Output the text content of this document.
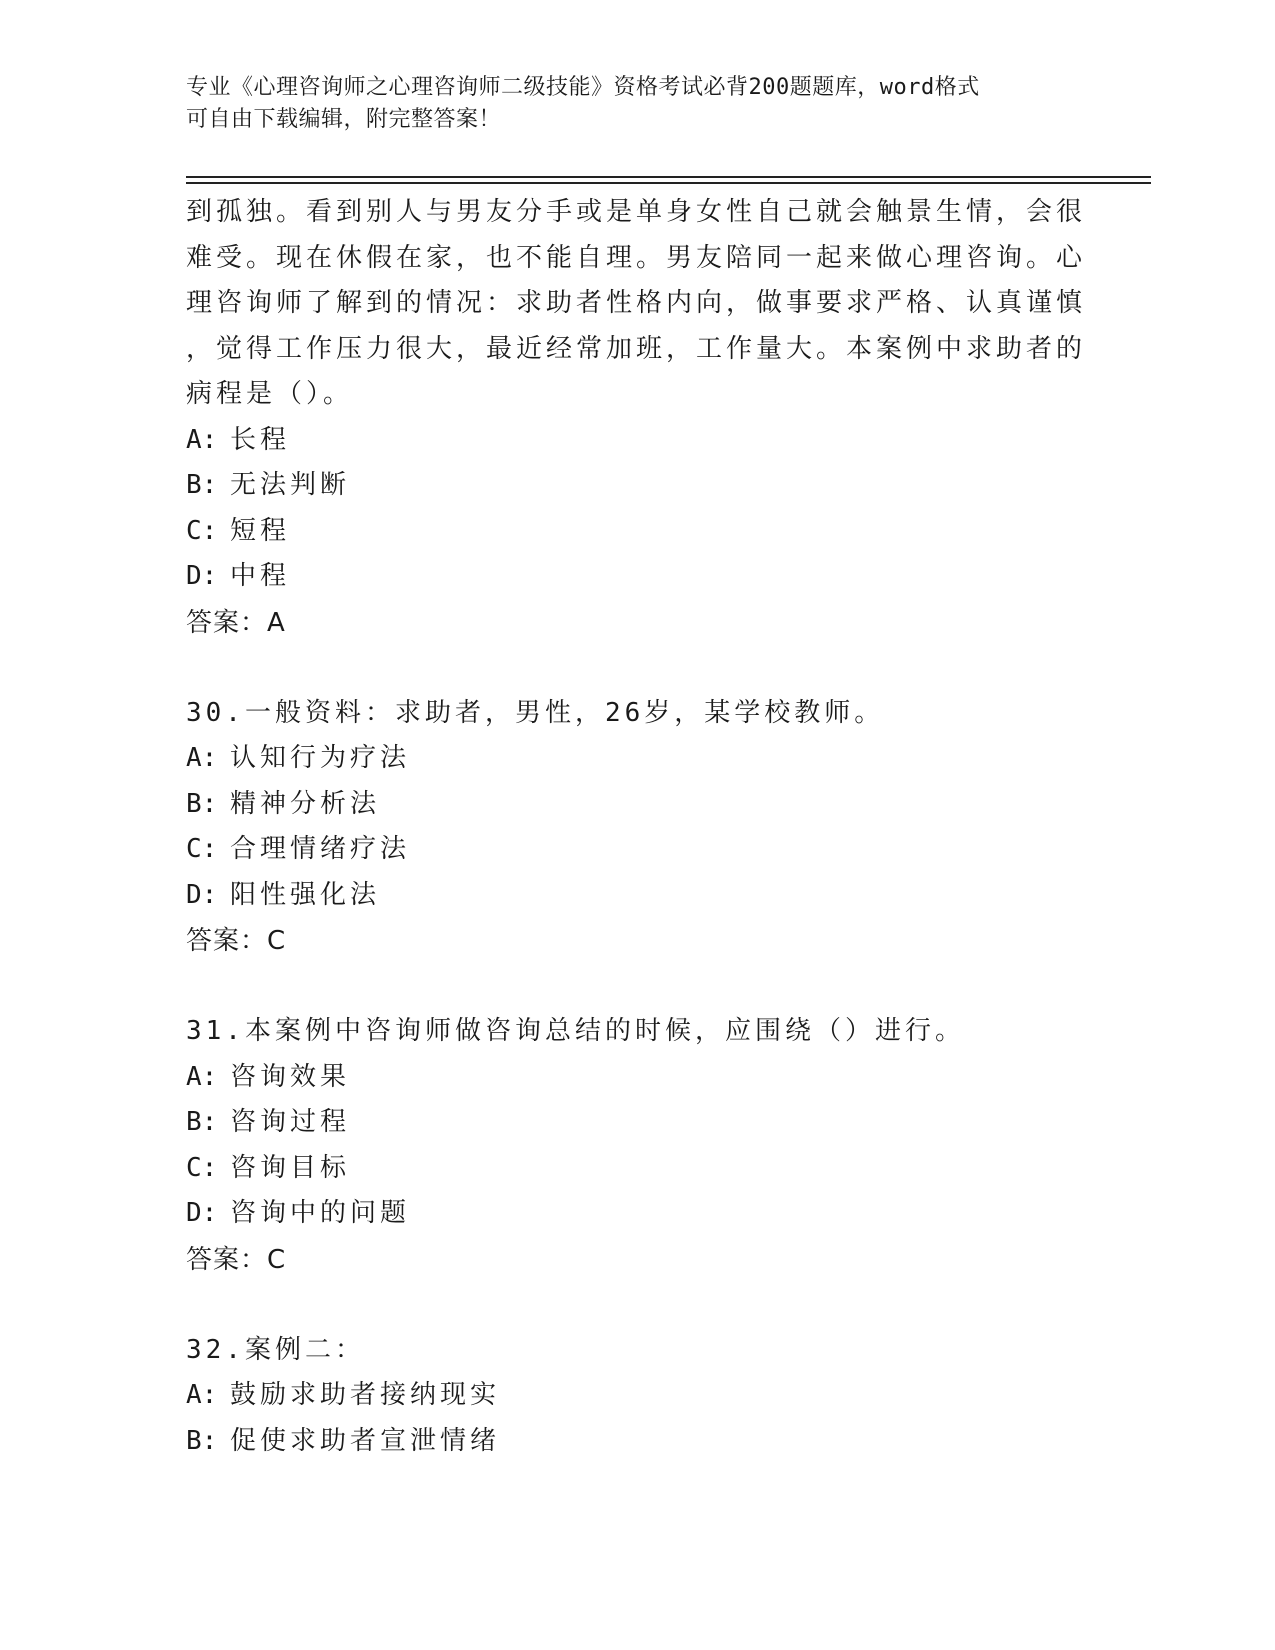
专业《心理咨询师之心理咨询师二级技能》资格考试必背200题题库，word格式
可自由下载编辑，附完整答案！
到孤独。看到别人与男友分手或是单身女性自己就会触景生情，会很
难受。现在休假在家，也不能自理。男友陪同一起来做心理咨询。心
理咨询师了解到的情况：求助者性格内向，做事要求严格、认真谨慎
，觉得工作压力很大，最近经常加班，工作量大。本案例中求助者的
病程是（）。
A: 长程
B: 无法判断
C: 短程
D: 中程
答案：A
30.一般资料：求助者，男性，26岁，某学校教师。
A: 认知行为疗法
B: 精神分析法
C: 合理情绪疗法
D: 阳性强化法
答案：C
31.本案例中咨询师做咨询总结的时候，应围绕（）进行。
A: 咨询效果
B: 咨询过程
C: 咨询目标
D: 咨询中的问题
答案：C
32.案例二：
A: 鼓励求助者接纳现实
B: 促使求助者宣泄情绪
